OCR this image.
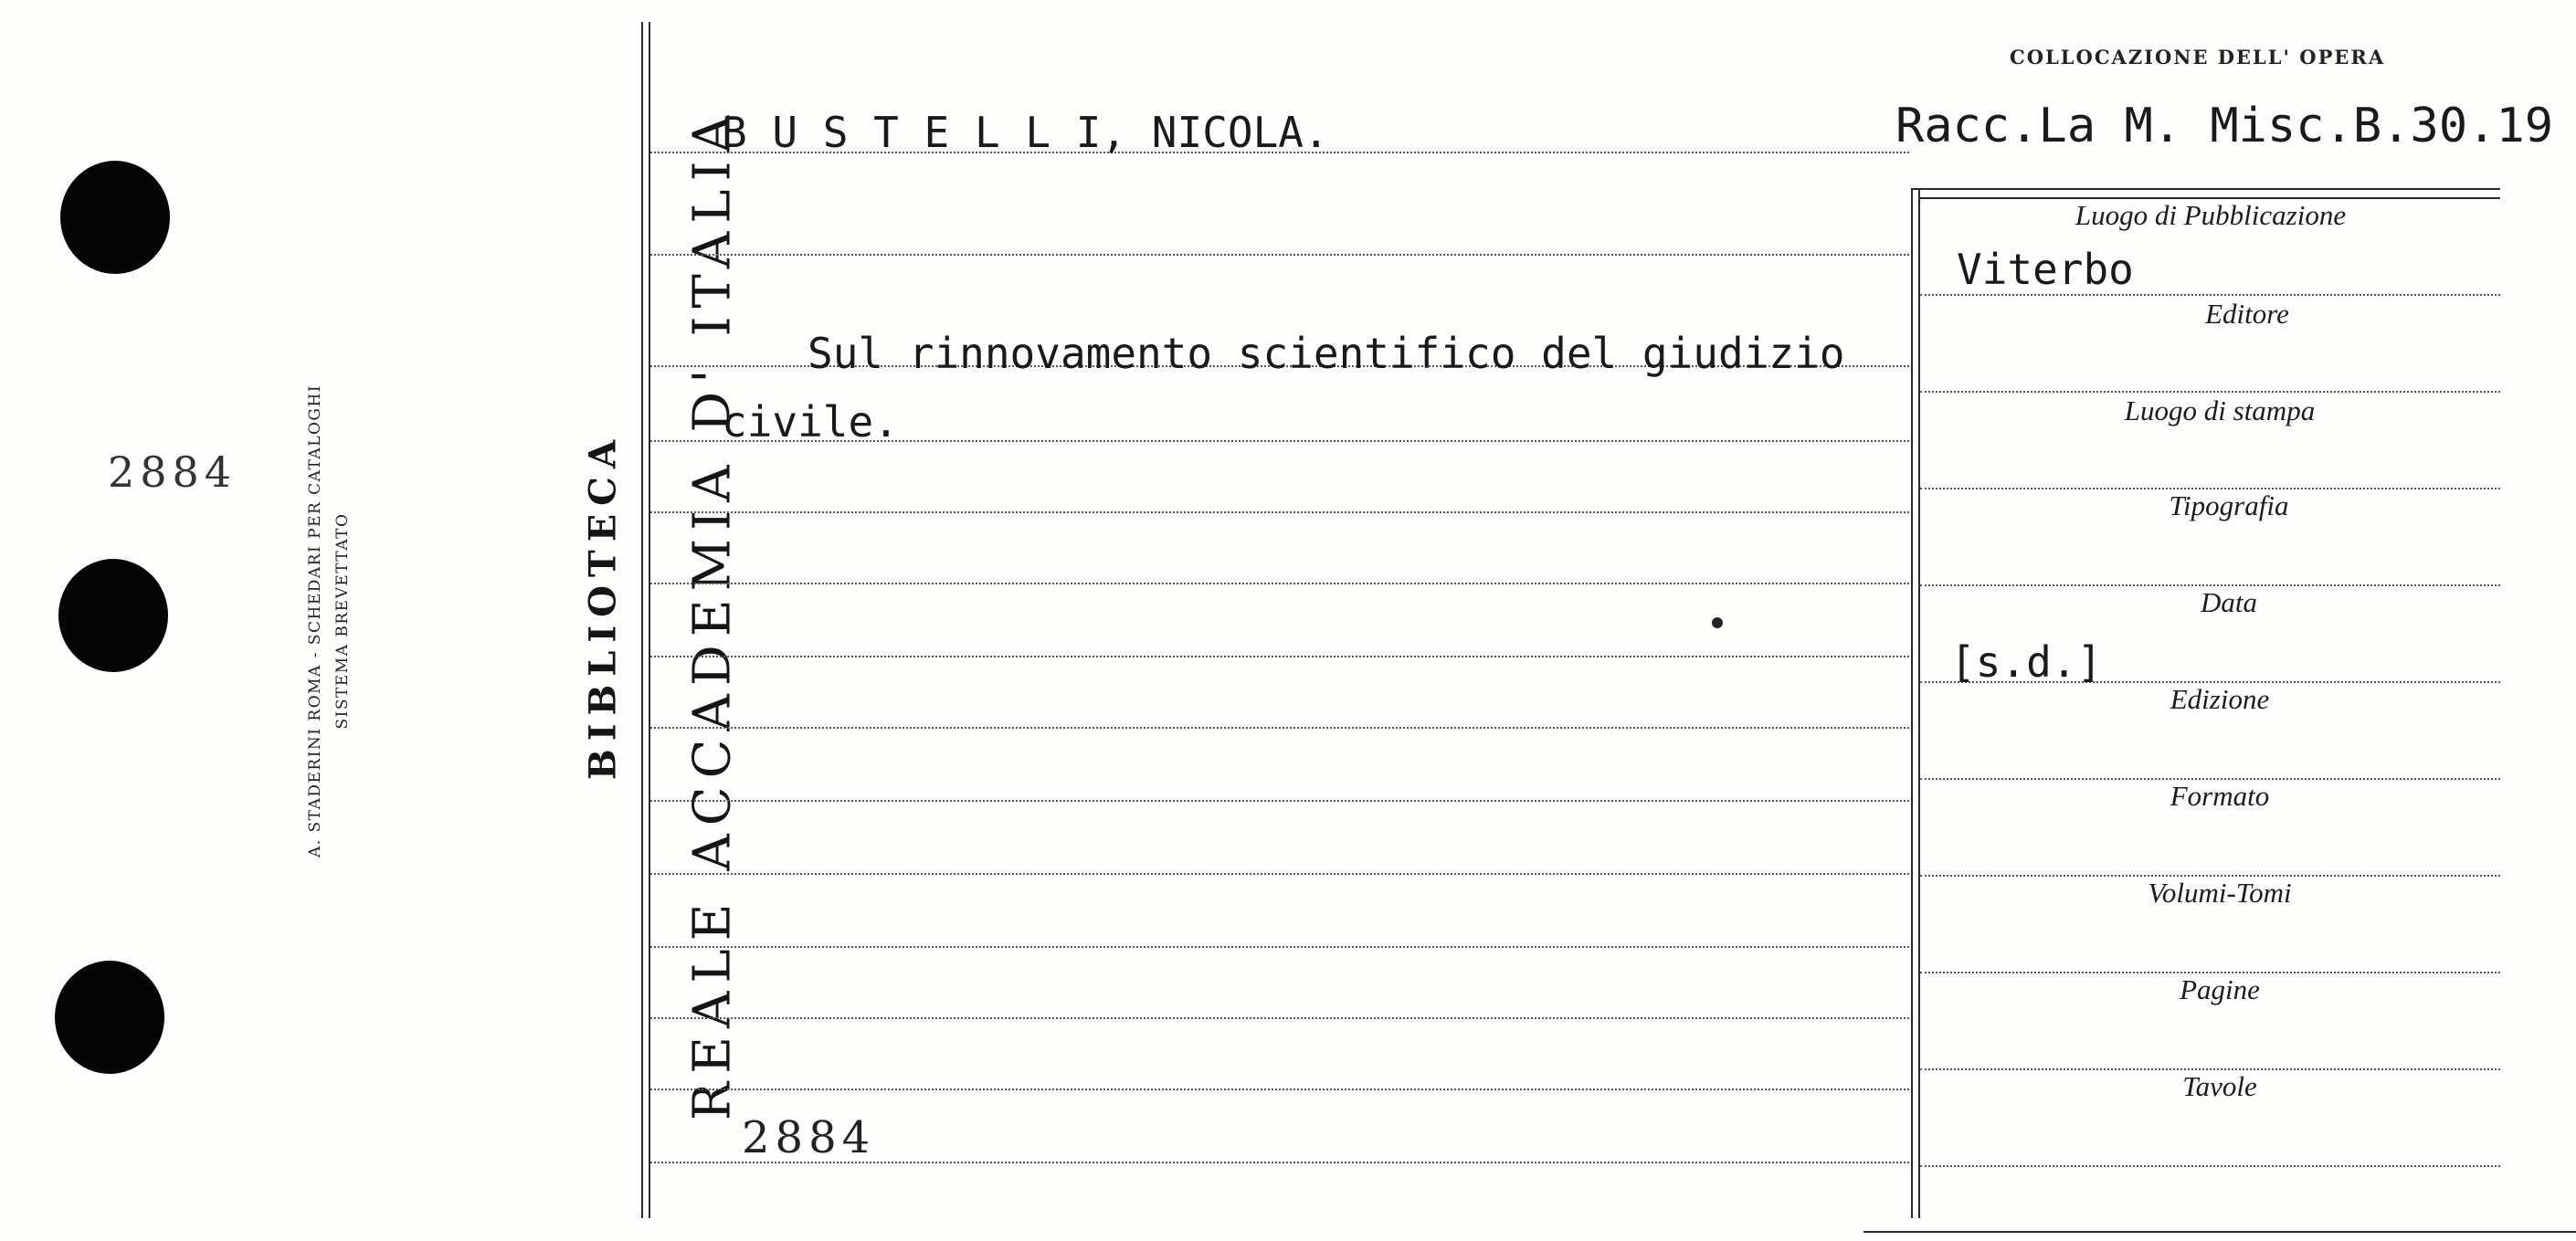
2884	A. STADERINI ROMA - SCHEDARI PER CATALOGHI SISTEMA BREVETTATO	REALE ACCADEMIA D' ITALIA
BIBLIOTECA
COLLOCAZIONE DELL' OPERA
Racc.La M. Misc.B.30.19
B U S T E L L I, NICOLA.
Sul rinnovamento scientifico del giudizio
civile.
2884
Luogo di Pubblicazione
Viterbo
Editore
Luogo di stampa
Tipografia
Data
[s.d.]
Edizione
Formato
Volumi-Tomi
Pagine
Tavole
